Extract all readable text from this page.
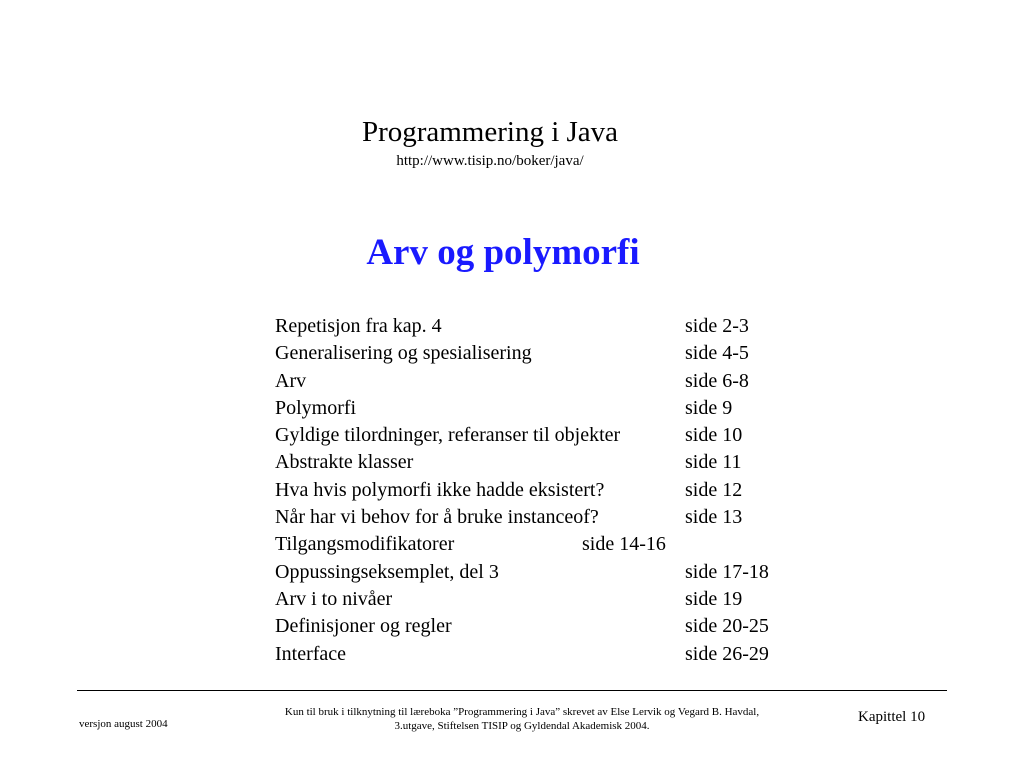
Programmering i Java
http://www.tisip.no/boker/java/
Arv og polymorfi
Repetisjon fra kap. 4	side 2-3
Generalisering og spesialisering	side 4-5
Arv	side 6-8
Polymorfi	side 9
Gyldige tilordninger, referanser til objekter	side 10
Abstrakte klasser	side 11
Hva hvis polymorfi ikke hadde eksistert?	side 12
Når har vi behov for å bruke instanceof?	side 13
Tilgangsmodifikatorer	side 14-16
Oppussingseksemplet, del 3	side 17-18
Arv i to nivåer	side 19
Definisjoner og regler	side 20-25
Interface	side 26-29
versjon august 2004
Kun til bruk i tilknytning til læreboka ”Programmering i Java” skrevet av Else Lervik og Vegard B. Havdal,
3.utgave, Stiftelsen TISIP og Gyldendal Akademisk 2004.
Kapittel 10
